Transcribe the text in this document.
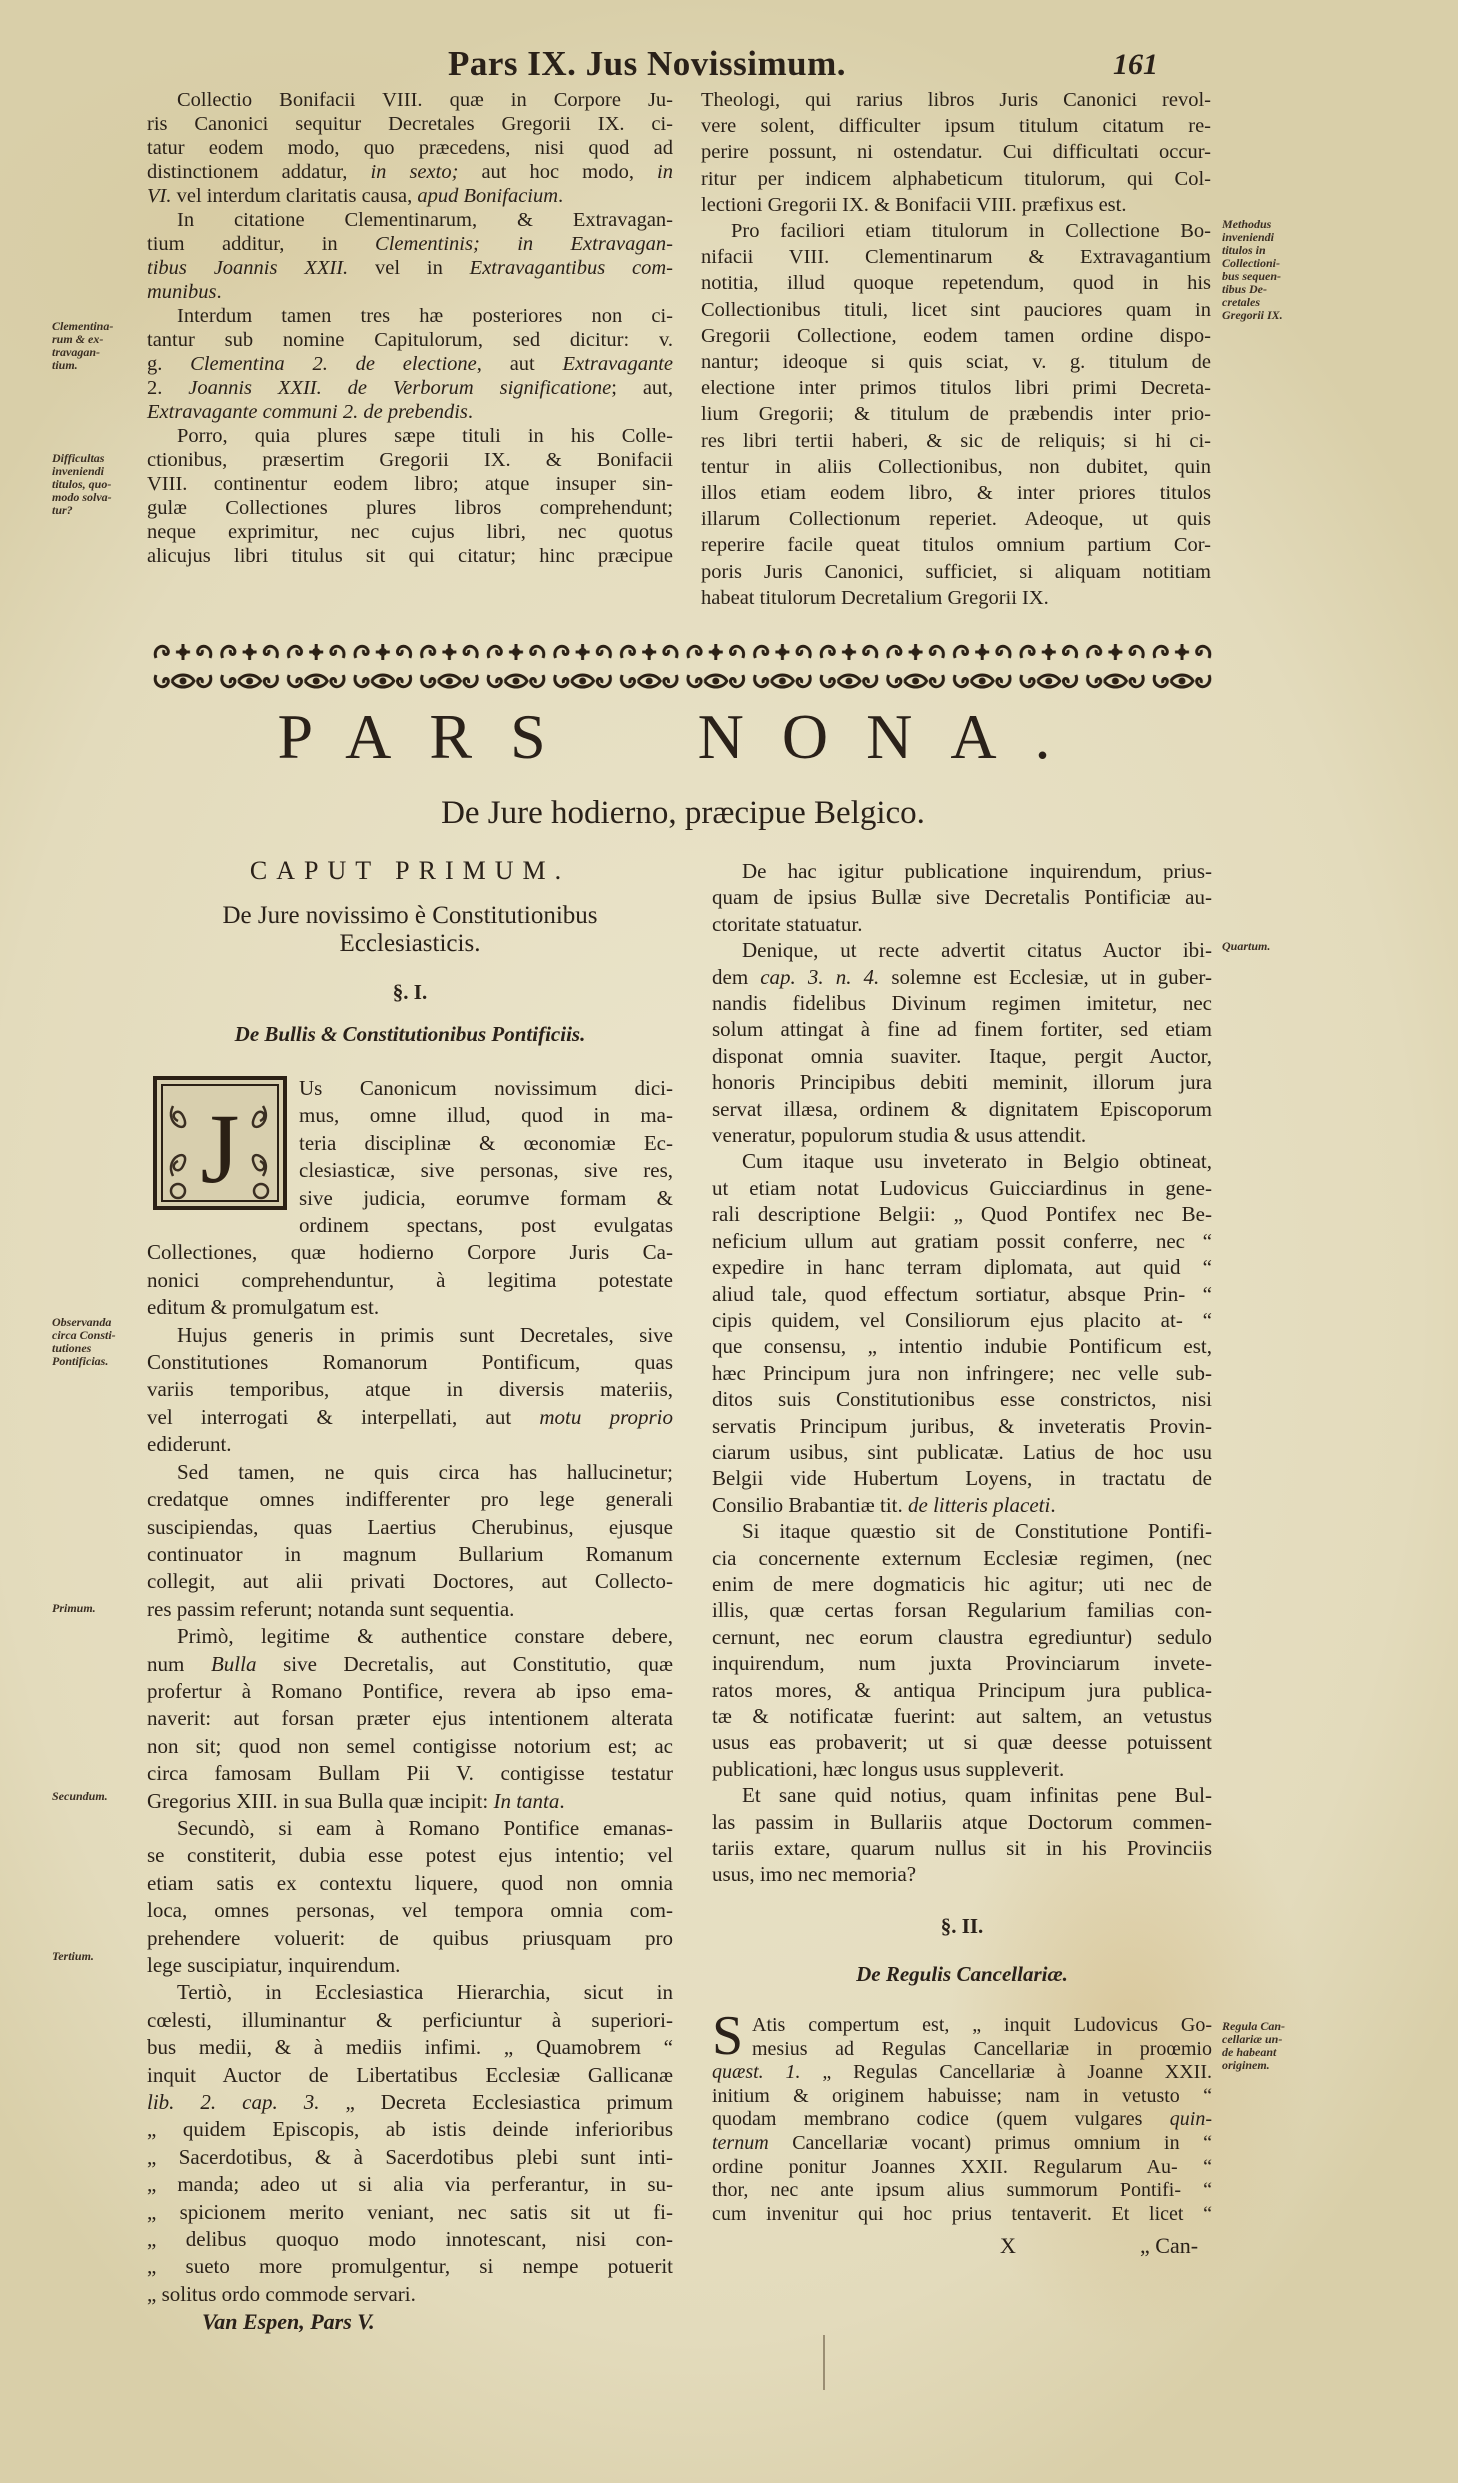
Pars IX. Jus Novissimum.	161
Collectio Bonifacii VIII. quæ in Corpore Ju-
ris Canonici sequitur Decretales Gregorii IX. ci-
tatur eodem modo, quo præcedens, nisi quod ad
distinctionem addatur, in sexto; aut hoc modo, in
VI. vel interdum claritatis causa, apud Bonifacium.
In citatione Clementinarum, & Extravagan-
tium additur, in Clementinis; in Extravagan-
tibus Joannis XXII. vel in Extravagantibus com-
munibus.
Interdum tamen tres hæ posteriores non ci-
tantur sub nomine Capitulorum, sed dicitur: v.
g. Clementina 2. de electione, aut Extravagante
2. Joannis XXII. de Verborum significatione; aut,
Extravagante communi 2. de prebendis.
Porro, quia plures sæpe tituli in his Colle-
ctionibus, præsertim Gregorii IX. & Bonifacii
VIII. continentur eodem libro; atque insuper sin-
gulæ Collectiones plures libros comprehendunt;
neque exprimitur, nec cujus libri, nec quotus
alicujus libri titulus sit qui citatur; hinc præcipue
Theologi, qui rarius libros Juris Canonici revol-
vere solent, difficulter ipsum titulum citatum re-
perire possunt, ni ostendatur. Cui difficultati occur-
ritur per indicem alphabeticum titulorum, qui Col-
lectioni Gregorii IX. & Bonifacii VIII. præfixus est.
Pro faciliori etiam titulorum in Collectione Bo-
nifacii VIII. Clementinarum & Extravagantium
notitia, illud quoque repetendum, quod in his
Collectionibus tituli, licet sint pauciores quam in
Gregorii Collectione, eodem tamen ordine dispo-
nantur; ideoque si quis sciat, v. g. titulum de
electione inter primos titulos libri primi Decreta-
lium Gregorii; & titulum de præbendis inter prio-
res libri tertii haberi, & sic de reliquis; si hi ci-
tentur in aliis Collectionibus, non dubitet, quin
illos etiam eodem libro, & inter priores titulos
illarum Collectionum reperiet. Adeoque, ut quis
reperire facile queat titulos omnium partium Cor-
poris Juris Canonici, sufficiet, si aliquam notitiam
habeat titulorum Decretalium Gregorii IX.
Clementina-
rum & ex-
travagan-
tium.
Difficultas
inveniendi
titulos, quo-
modo solva-
tur?
Methodus
inveniendi
titulos in
Collectioni-
bus sequen-
tibus De-
cretales
Gregorii IX.
Observanda
circa Consti-
tutiones
Pontificias.
Primum.
Secundum.
Tertium.
Quartum.
Regula Can-
cellariæ un-
de habeant
originem.
PARS NONA.
De Jure hodierno, præcipue Belgico.
CAPUT PRIMUM.
De Jure novissimo è Constitutionibus
Ecclesiasticis.
§. I.
De Bullis & Constitutionibus Pontificiis.
J
Us Canonicum novissimum dici-
mus, omne illud, quod in ma-
teria disciplinæ & œconomiæ Ec-
clesiasticæ, sive personas, sive res,
sive judicia, eorumve formam &
ordinem spectans, post evulgatas
Collectiones, quæ hodierno Corpore Juris Ca-
nonici comprehenduntur, à legitima potestate
editum & promulgatum est.
Hujus generis in primis sunt Decretales, sive
Constitutiones Romanorum Pontificum, quas
variis temporibus, atque in diversis materiis,
vel interrogati & interpellati, aut motu proprio
ediderunt.
Sed tamen, ne quis circa has hallucinetur;
credatque omnes indifferenter pro lege generali
suscipiendas, quas Laertius Cherubinus, ejusque
continuator in magnum Bullarium Romanum
collegit, aut alii privati Doctores, aut Collecto-
res passim referunt; notanda sunt sequentia.
Primò, legitime & authentice constare debere,
num Bulla sive Decretalis, aut Constitutio, quæ
profertur à Romano Pontifice, revera ab ipso ema-
naverit: aut forsan præter ejus intentionem alterata
non sit; quod non semel contigisse notorium est; ac
circa famosam Bullam Pii V. contigisse testatur
Gregorius XIII. in sua Bulla quæ incipit: In tanta.
Secundò, si eam à Romano Pontifice emanas-
se constiterit, dubia esse potest ejus intentio; vel
etiam satis ex contextu liquere, quod non omnia
loca, omnes personas, vel tempora omnia com-
prehendere voluerit: de quibus priusquam pro
lege suscipiatur, inquirendum.
Tertiò, in Ecclesiastica Hierarchia, sicut in
cœlesti, illuminantur & perficiuntur à superiori-
bus medii, & à mediis infimi. „ Quamobrem “
inquit Auctor de Libertatibus Ecclesiæ Gallicanæ
lib. 2. cap. 3. „ Decreta Ecclesiastica primum
„ quidem Episcopis, ab istis deinde inferioribus
„ Sacerdotibus, & à Sacerdotibus plebi sunt inti-
„ manda; adeo ut si alia via perferantur, in su-
„ spicionem merito veniant, nec satis sit ut fi-
„ delibus quoquo modo innotescant, nisi con-
„ sueto more promulgentur, si nempe potuerit
„ solitus ordo commode servari.
Van Espen, Pars V.
De hac igitur publicatione inquirendum, prius-
quam de ipsius Bullæ sive Decretalis Pontificiæ au-
ctoritate statuatur.
Denique, ut recte advertit citatus Auctor ibi-
dem cap. 3. n. 4. solemne est Ecclesiæ, ut in guber-
nandis fidelibus Divinum regimen imitetur, nec
solum attingat à fine ad finem fortiter, sed etiam
disponat omnia suaviter. Itaque, pergit Auctor,
honoris Principibus debiti meminit, illorum jura
servat illæsa, ordinem & dignitatem Episcoporum
veneratur, populorum studia & usus attendit.
Cum itaque usu inveterato in Belgio obtineat,
ut etiam notat Ludovicus Guicciardinus in gene-
rali descriptione Belgii: „ Quod Pontifex nec Be-
neficium ullum aut gratiam possit conferre, nec “
expedire in hanc terram diplomata, aut quid “
aliud tale, quod effectum sortiatur, absque Prin- “
cipis quidem, vel Consiliorum ejus placito at- “
que consensu, „ intentio indubie Pontificum est,
hæc Principum jura non infringere; nec velle sub-
ditos suis Constitutionibus esse constrictos, nisi
servatis Principum juribus, & inveteratis Provin-
ciarum usibus, sint publicatæ. Latius de hoc usu
Belgii vide Hubertum Loyens, in tractatu de
Consilio Brabantiæ tit. de litteris placeti.
Si itaque quæstio sit de Constitutione Pontifi-
cia concernente externum Ecclesiæ regimen, (nec
enim de mere dogmaticis hic agitur; uti nec de
illis, quæ certas forsan Regularium familias con-
cernunt, nec eorum claustra egrediuntur) sedulo
inquirendum, num juxta Provinciarum invete-
ratos mores, & antiqua Principum jura publica-
tæ & notificatæ fuerint: aut saltem, an vetustus
usus eas probaverit; ut si quæ deesse potuissent
publicationi, hæc longus usus suppleverit.
Et sane quid notius, quam infinitas pene Bul-
las passim in Bullariis atque Doctorum commen-
tariis extare, quarum nullus sit in his Provinciis
usus, imo nec memoria?
§. II.
De Regulis Cancellariæ.
S Atis compertum est, „ inquit Ludovicus Go-
mesius ad Regulas Cancellariæ in proœmio
quæst. 1. „ Regulas Cancellariæ à Joanne XXII.
initium & originem habuisse; nam in vetusto “
quodam membrano codice (quem vulgares quin-
ternum Cancellariæ vocant) primus omnium in “
ordine ponitur Joannes XXII. Regularum Au- “
thor, nec ante ipsum alius summorum Pontifi- “
cum invenitur qui hoc prius tentaverit. Et licet “
X	„ Can-
